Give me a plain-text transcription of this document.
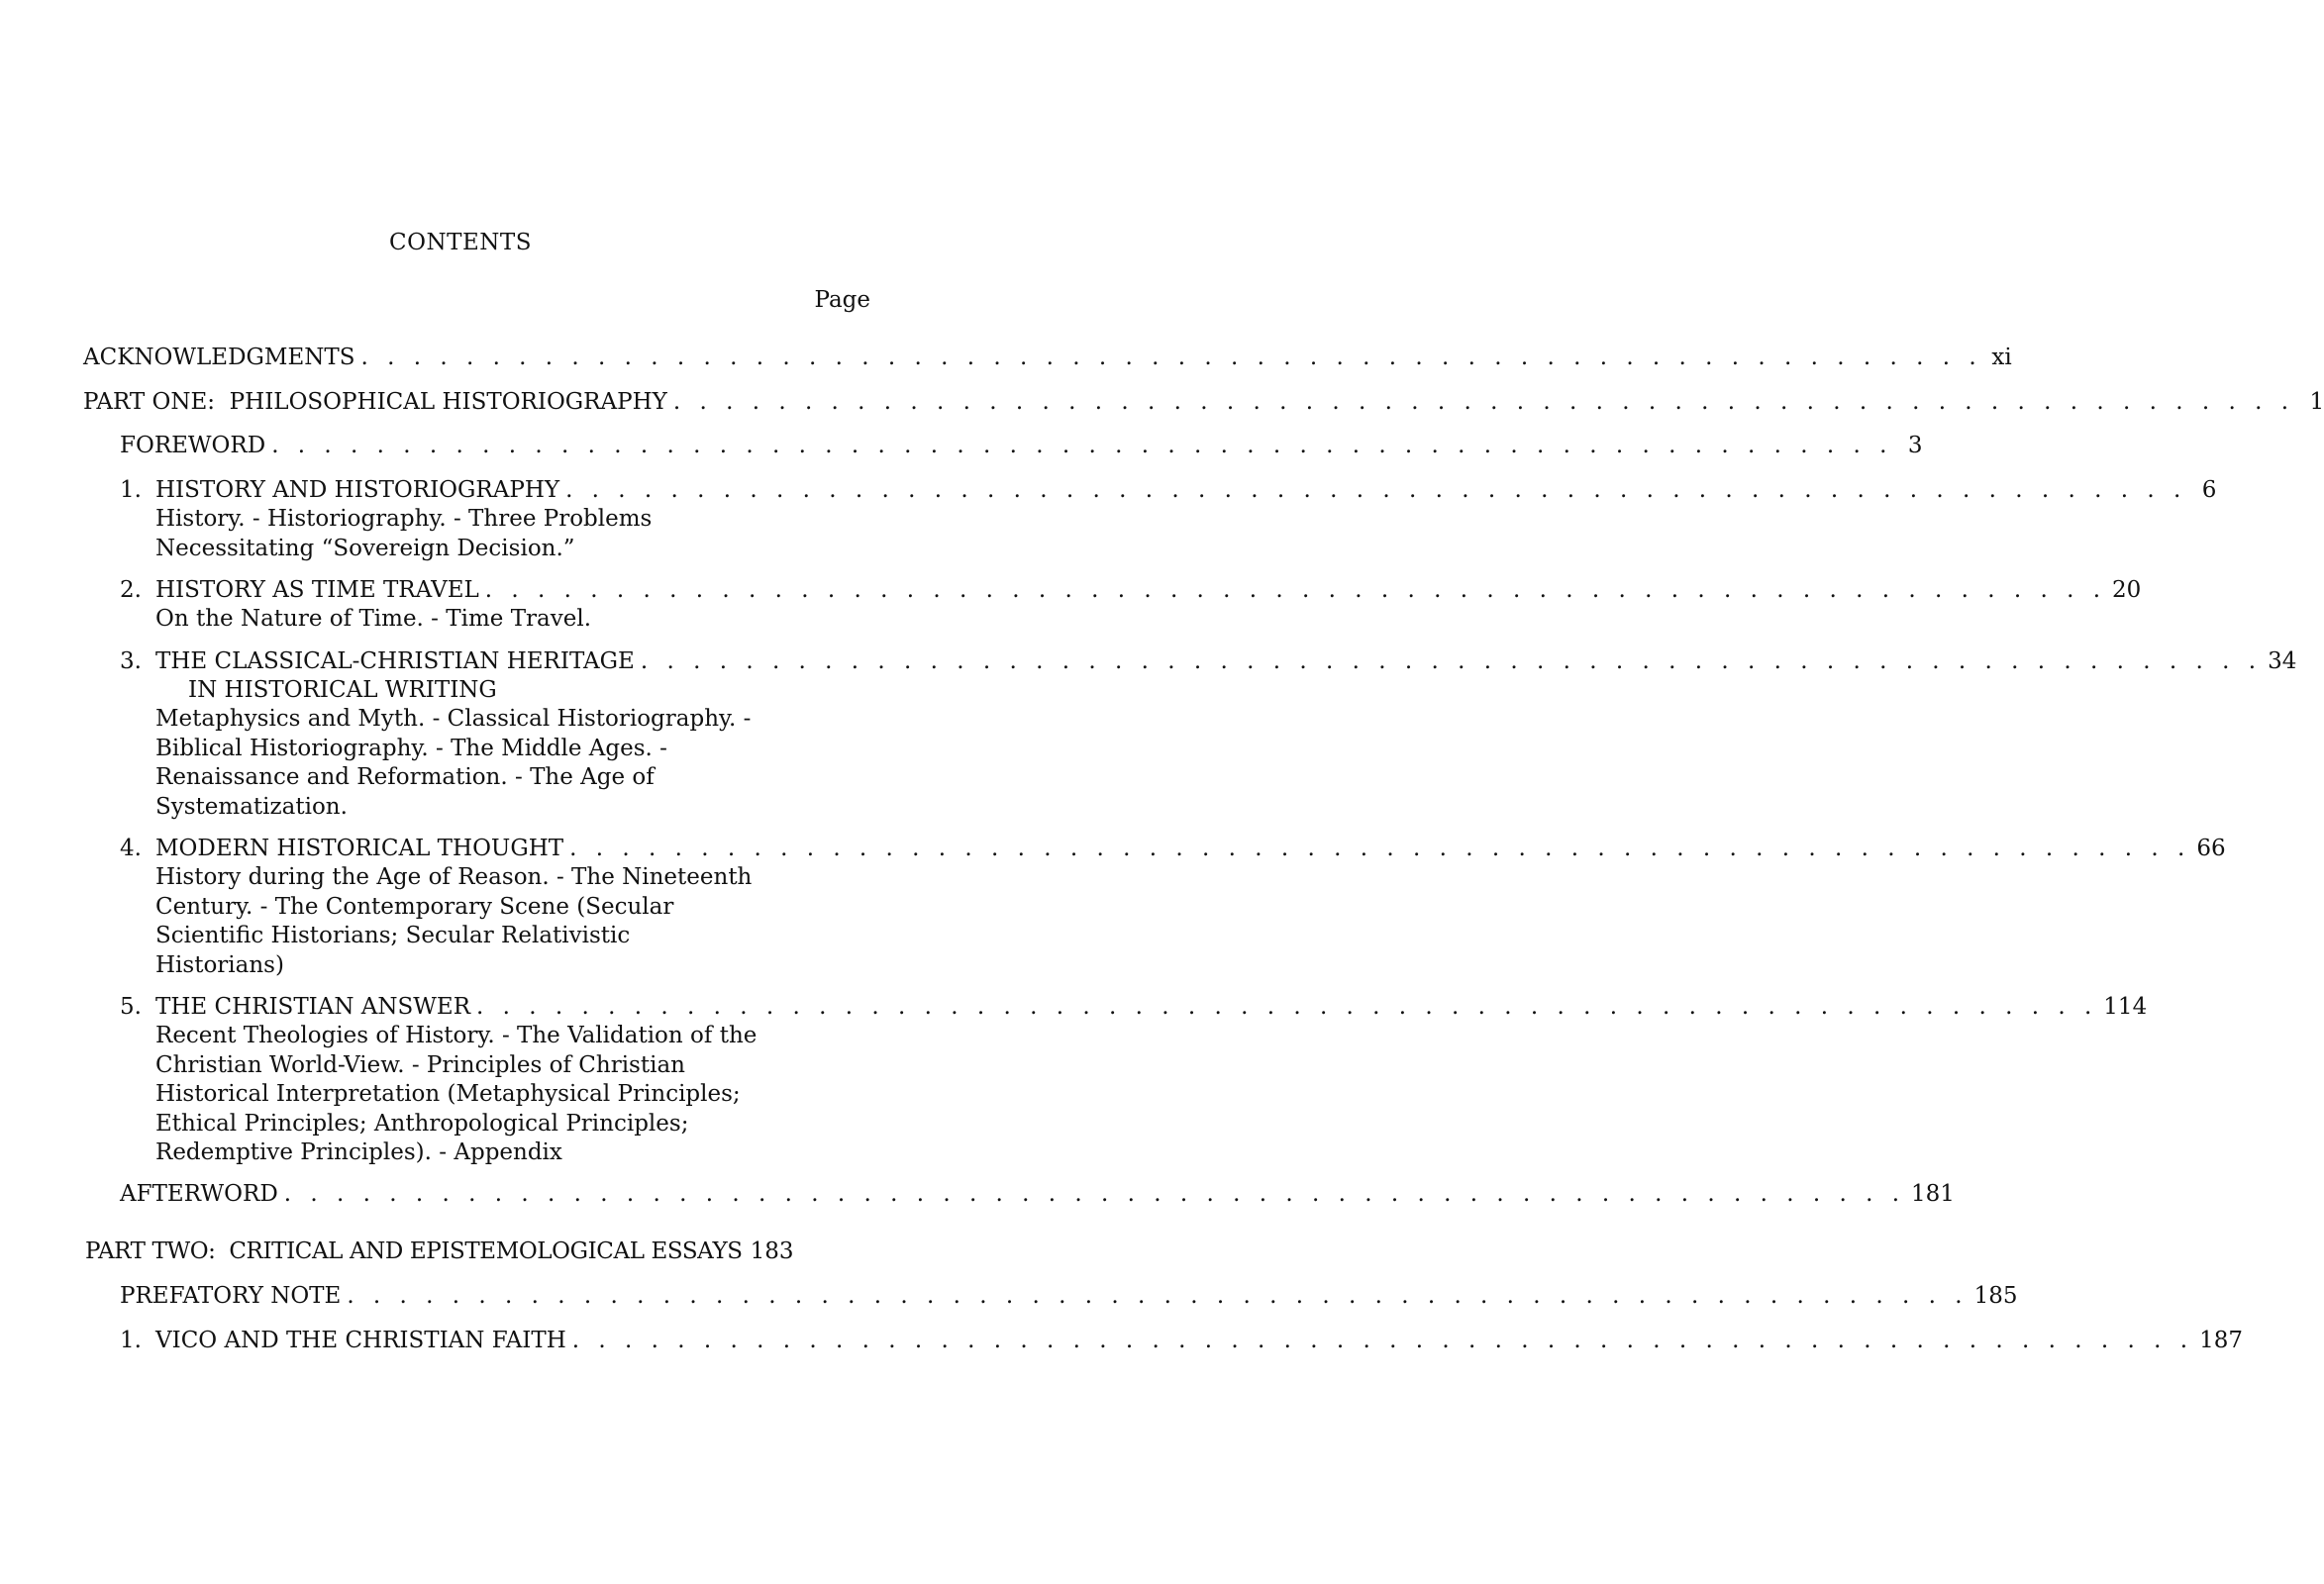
CONTENTS
Page
ACKNOWLEDGMENTS . . . . . . . . . . . . . . . . . . . . . . . . . . . . . . . . . . . . . . . . . . . . . . . . . . . . . . . . . . . . . . xi
PART ONE:  PHILOSOPHICAL HISTORIOGRAPHY . . . . . . . . . . . . . . . . . . . . . . . . . . . . . . . . . . . . . . . . . . . . . . . . . . . . . . . . . . . . . . 1
FOREWORD . . . . . . . . . . . . . . . . . . . . . . . . . . . . . . . . . . . . . . . . . . . . . . . . . . . . . . . . . . . . . . 3
1. HISTORY AND HISTORIOGRAPHY . . . . . . . . . . . . . . . . . . . . . . . . . . . . . . . . . . . . . . . . . . . . . . . . . . . . . . . . . . . . . . 6
History. - Historiography. - Three Problems
Necessitating “Sovereign Decision.”
2. HISTORY AS TIME TRAVEL . . . . . . . . . . . . . . . . . . . . . . . . . . . . . . . . . . . . . . . . . . . . . . . . . . . . . . . . . . . . . . 20
On the Nature of Time. - Time Travel.
3. THE CLASSICAL-CHRISTIAN HERITAGE . . . . . . . . . . . . . . . . . . . . . . . . . . . . . . . . . . . . . . . . . . . . . . . . . . . . . . . . . . . . . . 34
IN HISTORICAL WRITING
Metaphysics and Myth. - Classical Historiography. -
Biblical Historiography. - The Middle Ages. -
Renaissance and Reformation. - The Age of
Systematization.
4. MODERN HISTORICAL THOUGHT . . . . . . . . . . . . . . . . . . . . . . . . . . . . . . . . . . . . . . . . . . . . . . . . . . . . . . . . . . . . . . 66
History during the Age of Reason. - The Nineteenth
Century. - The Contemporary Scene (Secular
Scientific Historians; Secular Relativistic
Historians)
5. THE CHRISTIAN ANSWER . . . . . . . . . . . . . . . . . . . . . . . . . . . . . . . . . . . . . . . . . . . . . . . . . . . . . . . . . . . . . . 114
Recent Theologies of History. - The Validation of the
Christian World-View. - Principles of Christian
Historical Interpretation (Metaphysical Principles;
Ethical Principles; Anthropological Principles;
Redemptive Principles). - Appendix
AFTERWORD . . . . . . . . . . . . . . . . . . . . . . . . . . . . . . . . . . . . . . . . . . . . . . . . . . . . . . . . . . . . . . 181
PART TWO:  CRITICAL AND EPISTEMOLOGICAL ESSAYS 183
PREFATORY NOTE . . . . . . . . . . . . . . . . . . . . . . . . . . . . . . . . . . . . . . . . . . . . . . . . . . . . . . . . . . . . . . 185
1. VICO AND THE CHRISTIAN FAITH . . . . . . . . . . . . . . . . . . . . . . . . . . . . . . . . . . . . . . . . . . . . . . . . . . . . . . . . . . . . . . 187
